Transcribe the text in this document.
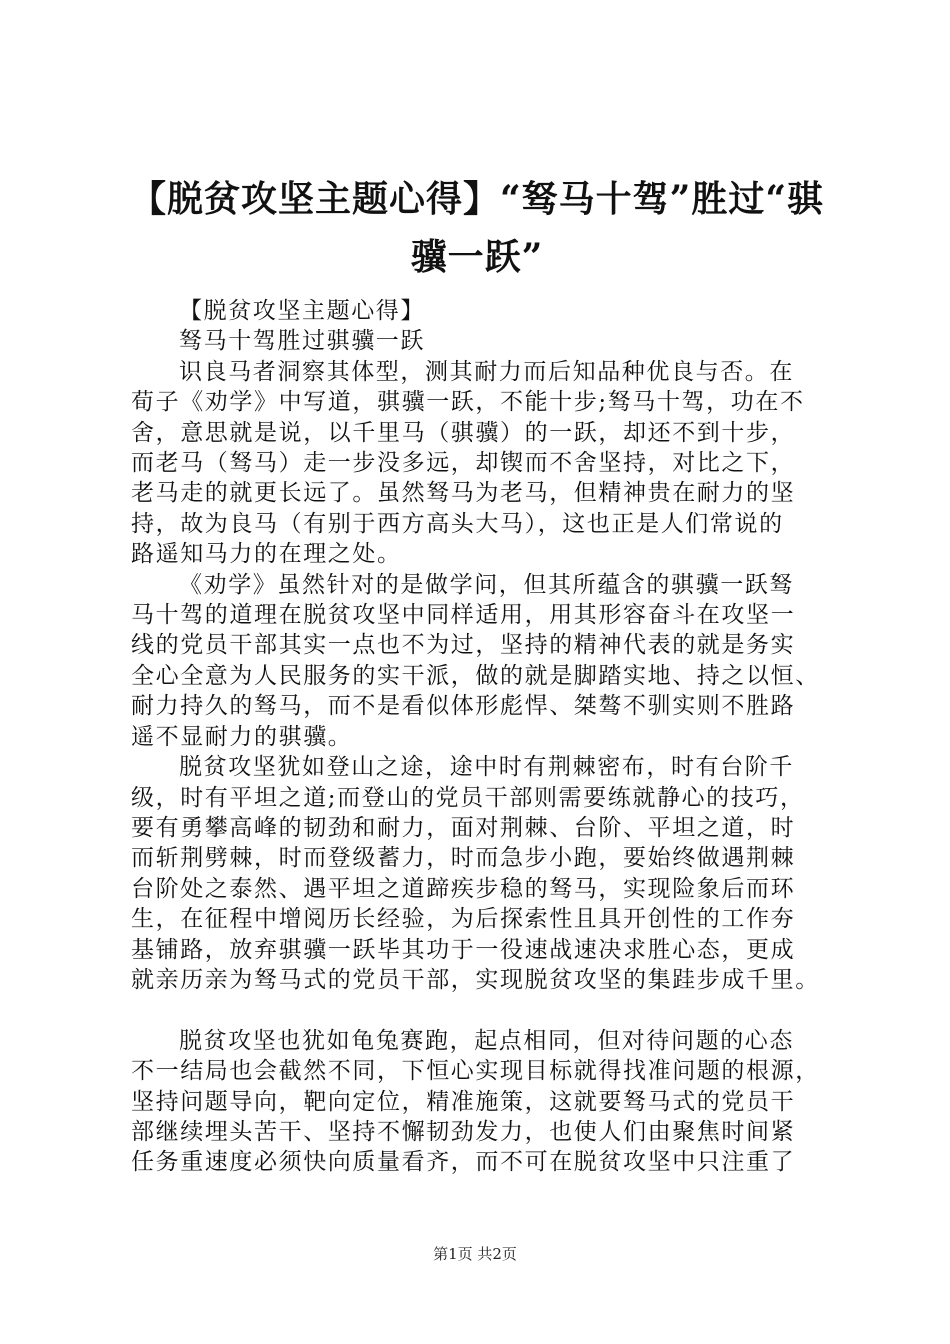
【脱贫攻坚主题心得】“驽马十驾”胜过“骐
骥一跃”

【脱贫攻坚主题心得】

驽马十驾胜过骐骥一跃

识良马者洞察其体型，测其耐力而后知品种优良与否。在

荀子《劝学》中写道，骐骥一跃，不能十步;驽马十驾，功在不

舍，意思就是说，以千里马（骐骥）的一跃，却还不到十步，

而老马（驽马）走一步没多远，却锲而不舍坚持，对比之下，

老马走的就更长远了。虽然驽马为老马，但精神贵在耐力的坚

持，故为良马（有别于西方高头大马），这也正是人们常说的

路遥知马力的在理之处。

《劝学》虽然针对的是做学问，但其所蕴含的骐骥一跃驽

马十驾的道理在脱贫攻坚中同样适用，用其形容奋斗在攻坚一

线的党员干部其实一点也不为过，坚持的精神代表的就是务实

全心全意为人民服务的实干派，做的就是脚踏实地、持之以恒、

耐力持久的驽马，而不是看似体形彪悍、桀骜不驯实则不胜路

遥不显耐力的骐骥。

脱贫攻坚犹如登山之途，途中时有荆棘密布，时有台阶千

级，时有平坦之道;而登山的党员干部则需要练就静心的技巧，

要有勇攀高峰的韧劲和耐力，面对荆棘、台阶、平坦之道，时

而斩荆劈棘，时而登级蓄力，时而急步小跑，要始终做遇荆棘

台阶处之泰然、遇平坦之道蹄疾步稳的驽马，实现险象后而环

生，在征程中增阅历长经验，为后探索性且具开创性的工作夯

基铺路，放弃骐骥一跃毕其功于一役速战速决求胜心态，更成

就亲历亲为驽马式的党员干部，实现脱贫攻坚的集跬步成千里。

脱贫攻坚也犹如龟兔赛跑，起点相同，但对待问题的心态

不一结局也会截然不同，下恒心实现目标就得找准问题的根源，

坚持问题导向，靶向定位，精准施策，这就要驽马式的党员干

部继续埋头苦干、坚持不懈韧劲发力，也使人们由聚焦时间紧

任务重速度必须快向质量看齐，而不可在脱贫攻坚中只注重了

第1页 共2页
